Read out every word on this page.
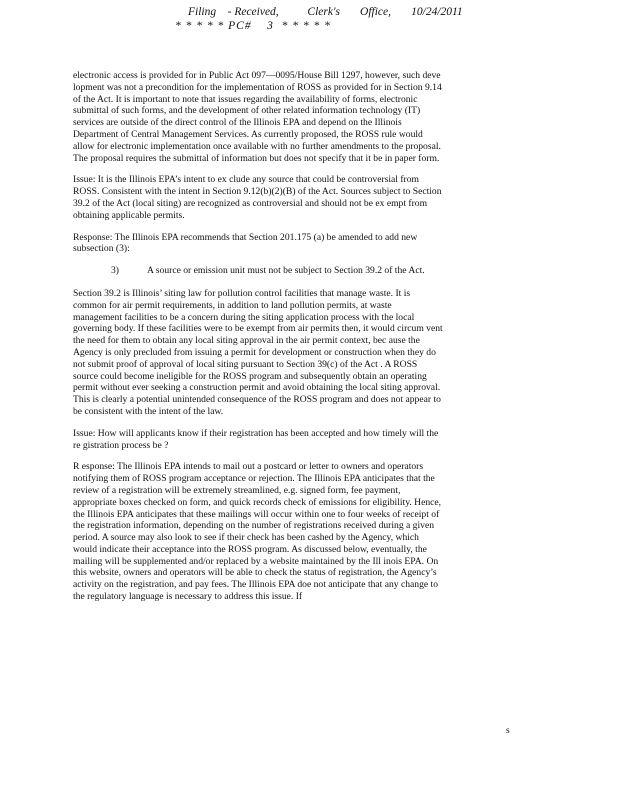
Filing    - Received,          Clerk's       Office,       10/24/2011
* * * * * PC#    3  * * * * *

electronic access is provided for in Public Act 097—0095/House Bill 1297, however, such deve lopment was not a precondition for the implementation of ROSS as provided for in Section 9.14 of the Act. It is important to note that issues regarding the availability of forms, electronic submittal of such forms, and the development of other related information technology (IT) services are outside of the direct control of the Illinois EPA and depend on the Illinois Department of Central Management Services. As currently proposed, the ROSS rule would allow for electronic implementation once available with no further amendments to the proposal. The proposal requires the submittal of information but does not specify that it be in paper form.

Issue: It is the Illinois EPA’s intent to ex clude any source that could be controversial from ROSS. Consistent with the intent in Section 9.12(b)(2)(B) of the Act. Sources subject to Section 39.2 of the Act (local siting) are recognized as controversial and should not be ex empt from obtaining applicable permits.

Response: The Illinois EPA recommends that Section 201.175 (a) be amended to add new subsection (3):

3)	A source or emission unit must not be subject to Section 39.2 of the Act.

Section 39.2 is Illinois’ siting law for pollution control facilities that manage waste. It is common for air permit requirements, in addition to land pollution permits, at waste management facilities to be a concern during the siting application process with the local governing body. If these facilities were to be exempt from air permits then, it would circum vent the need for them to obtain any local siting approval in the air permit context, bec ause the Agency is only precluded from issuing a permit for development or construction when they do not submit proof of approval of local siting pursuant to Section 39(c) of the Act . A ROSS source could become ineligible for the ROSS program and subsequently obtain an operating permit without ever seeking a construction permit and avoid obtaining the local siting approval. This is clearly a potential unintended consequence of the ROSS program and does not appear to be consistent with the intent of the law.

Issue: How will applicants know if their registration has been accepted and how timely will the re gistration process be ?

R esponse: The Illinois EPA intends to mail out a postcard or letter to owners and operators notifying them of ROSS program acceptance or rejection. The Illinois EPA anticipates that the review of a registration will be extremely streamlined, e.g. signed form, fee payment, appropriate boxes checked on form, and quick records check of emissions for eligibility. Hence, the Illinois EPA anticipates that these mailings will occur within one to four weeks of receipt of the registration information, depending on the number of registrations received during a given period. A source may also look to see if their check has been cashed by the Agency, which would indicate their acceptance into the ROSS program. As discussed below, eventually, the mailing will be supplemented and/or replaced by a website maintained by the Ill inois EPA. On this website, owners and operators will be able to check the status of registration, the Agency’s activity on the registration, and pay fees. The Illinois EPA doe not anticipate that any change to the regulatory language is necessary to address this issue. If

s
